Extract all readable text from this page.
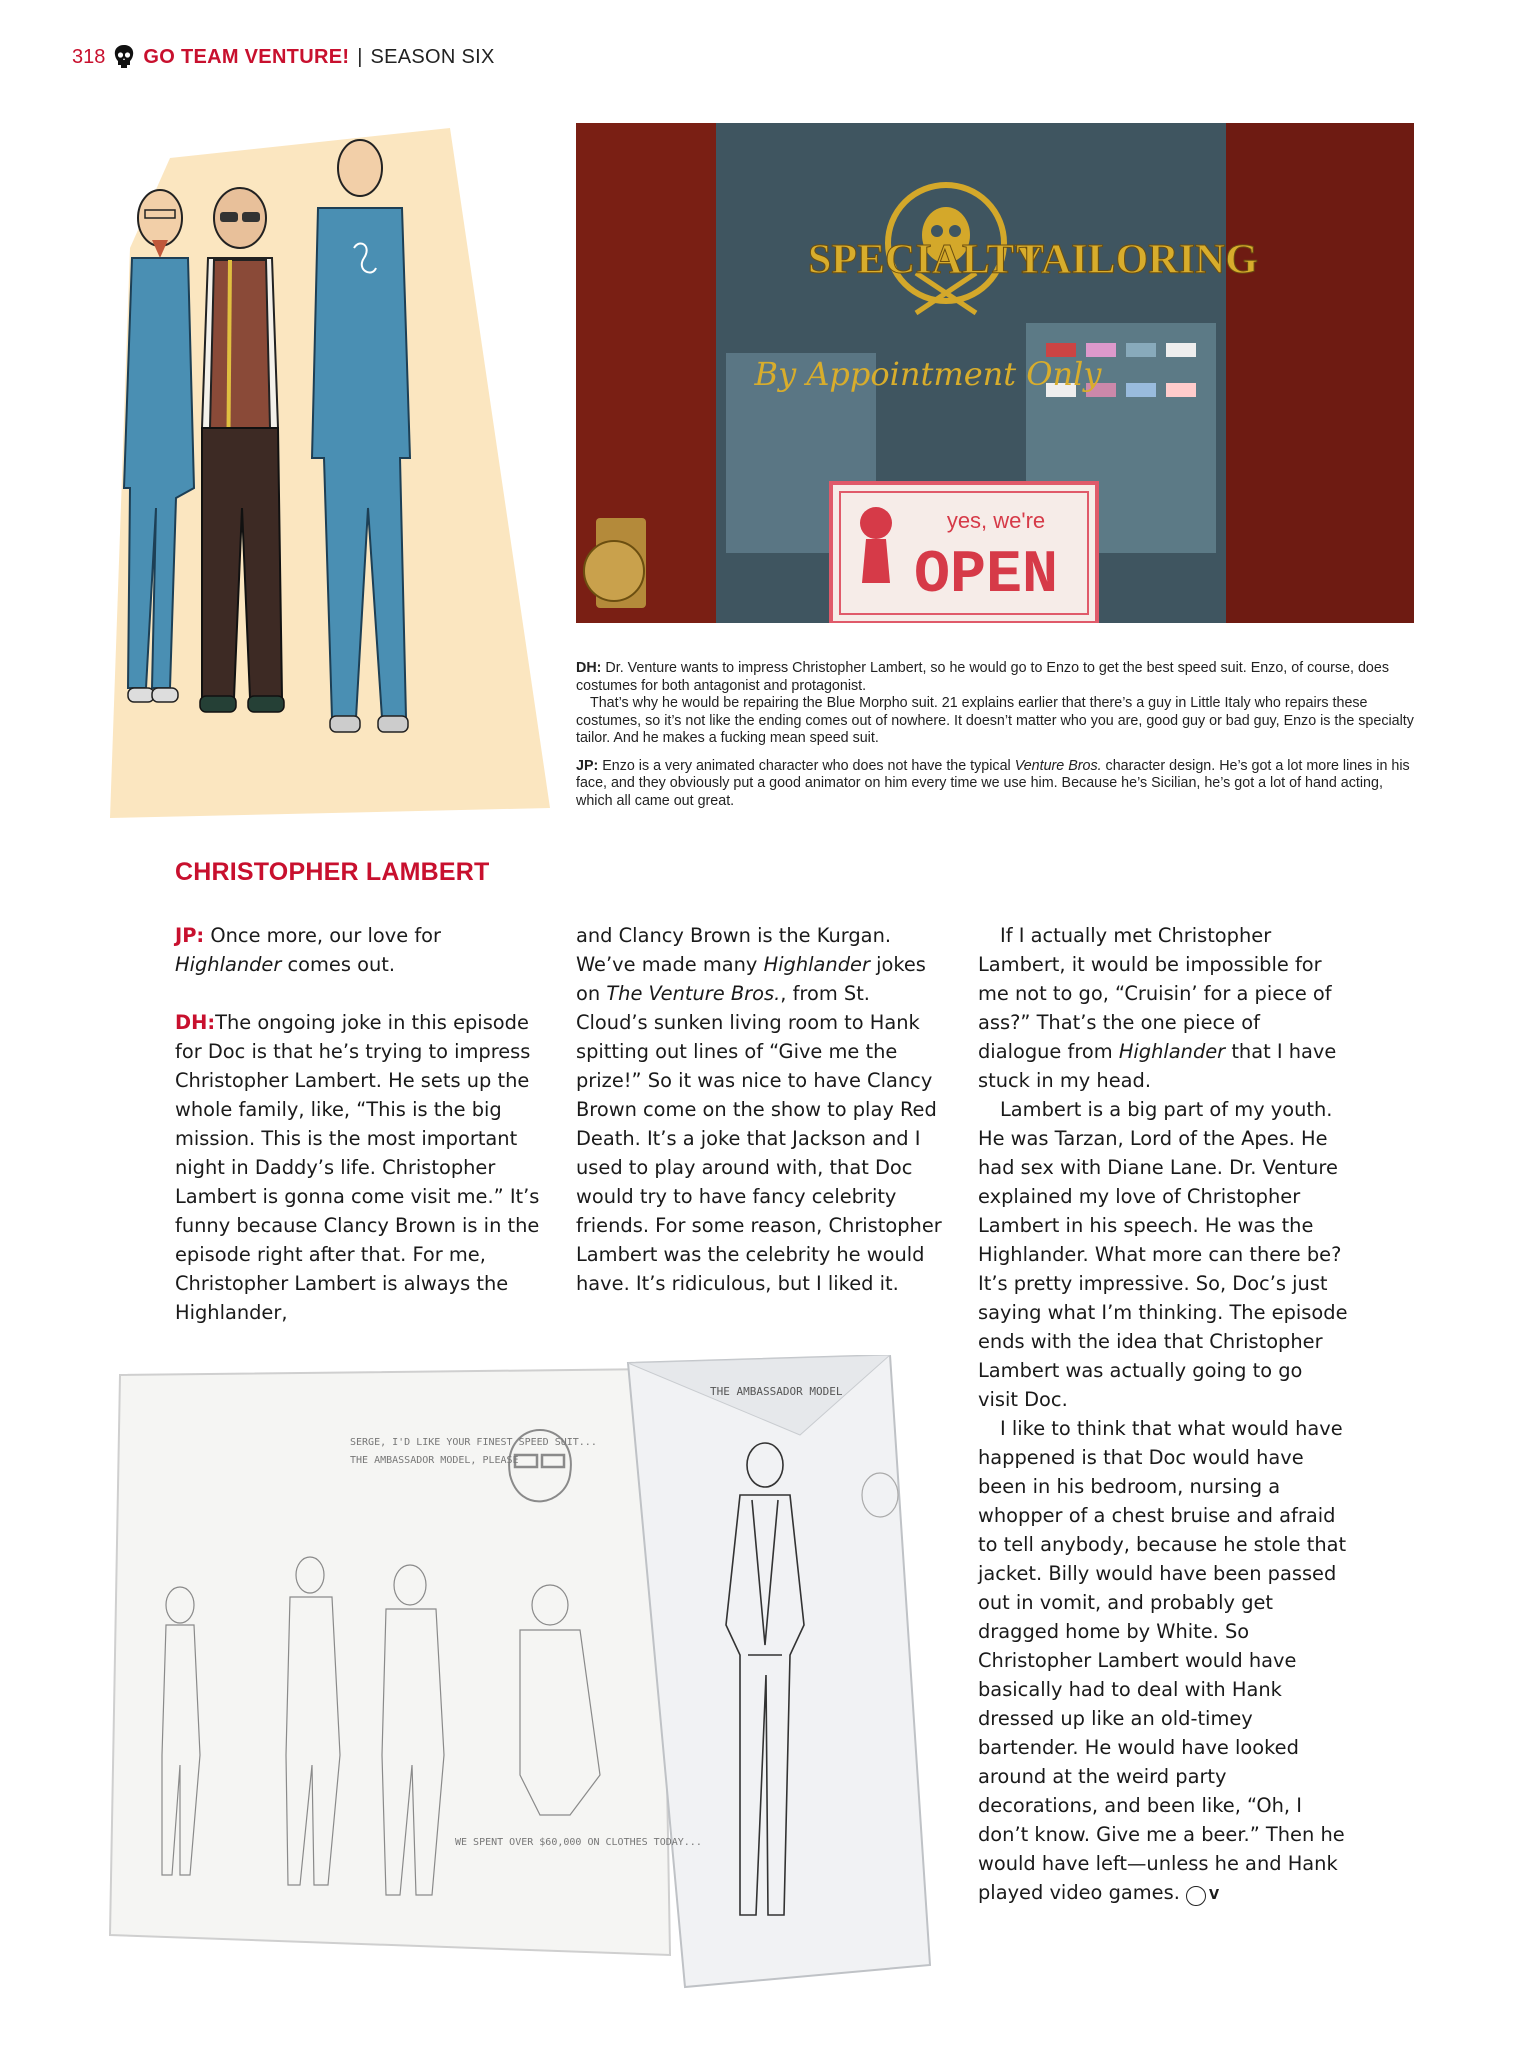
318 GO TEAM VENTURE! | SEASON SIX
SPECIALTY
TAILORING
By Appointment Only
yes, we're
OPEN

DH: Dr. Venture wants to impress Christopher Lambert, so he would go to Enzo to get the best speed suit. Enzo, of course, does costumes for both antagonist and protagonist.

That’s why he would be repairing the Blue Morpho suit. 21 explains earlier that there’s a guy in Little Italy who repairs these costumes, so it’s not like the ending comes out of nowhere. It doesn’t matter who you are, good guy or bad guy, Enzo is the specialty tailor. And he makes a fucking mean speed suit.

JP: Enzo is a very animated character who does not have the typical Venture Bros. character design. He’s got a lot more lines in his face, and they obviously put a good animator on him every time we use him. Because he’s Sicilian, he’s got a lot of hand acting, which all came out great.

CHRISTOPHER LAMBERT

JP: Once more, our love for Highlander comes out.

DH:The ongoing joke in this episode for Doc is that he’s trying to impress Christopher Lambert. He sets up the whole family, like, “This is the big mission. This is the most important night in Daddy’s life. Christopher Lambert is gonna come visit me.” It’s funny because Clancy Brown is in the episode right after that. For me, Christopher Lambert is always the Highlander,

and Clancy Brown is the Kurgan. We’ve made many Highlander jokes on The Venture Bros., from St. Cloud’s sunken living room to Hank spitting out lines of “Give me the prize!” So it was nice to have Clancy Brown come on the show to play Red Death. It’s a joke that Jackson and I used to play around with, that Doc would try to have fancy celebrity friends. For some reason, Christopher Lambert was the celebrity he would have. It’s ridiculous, but I liked it.

If I actually met Christopher Lambert, it would be impossible for me not to go, “Cruisin’ for a piece of ass?” That’s the one piece of dialogue from Highlander that I have stuck in my head.

Lambert is a big part of my youth. He was Tarzan, Lord of the Apes. He had sex with Diane Lane. Dr. Venture explained my love of Christopher Lambert in his speech. He was the Highlander. What more can there be? It’s pretty impressive. So, Doc’s just saying what I’m thinking. The episode ends with the idea that Christopher Lambert was actually going to go visit Doc.

I like to think that what would have happened is that Doc would have been in his bedroom, nursing a whopper of a chest bruise and afraid to tell anybody, because he stole that jacket. Billy would have been passed out in vomit, and probably get dragged home by White. So Christopher Lambert would have basically had to deal with Hank dressed up like an old-timey bartender. He would have looked around at the weird party decorations, and been like, “Oh, I don’t know. Give me a beer.” Then he would have left—unless he and Hank played video games. V

SERGE, I'D LIKE YOUR FINEST SPEED SUIT...
THE AMBASSADOR MODEL, PLEASE
WE SPENT OVER $60,000 ON CLOTHES TODAY...
THE AMBASSADOR MODEL
